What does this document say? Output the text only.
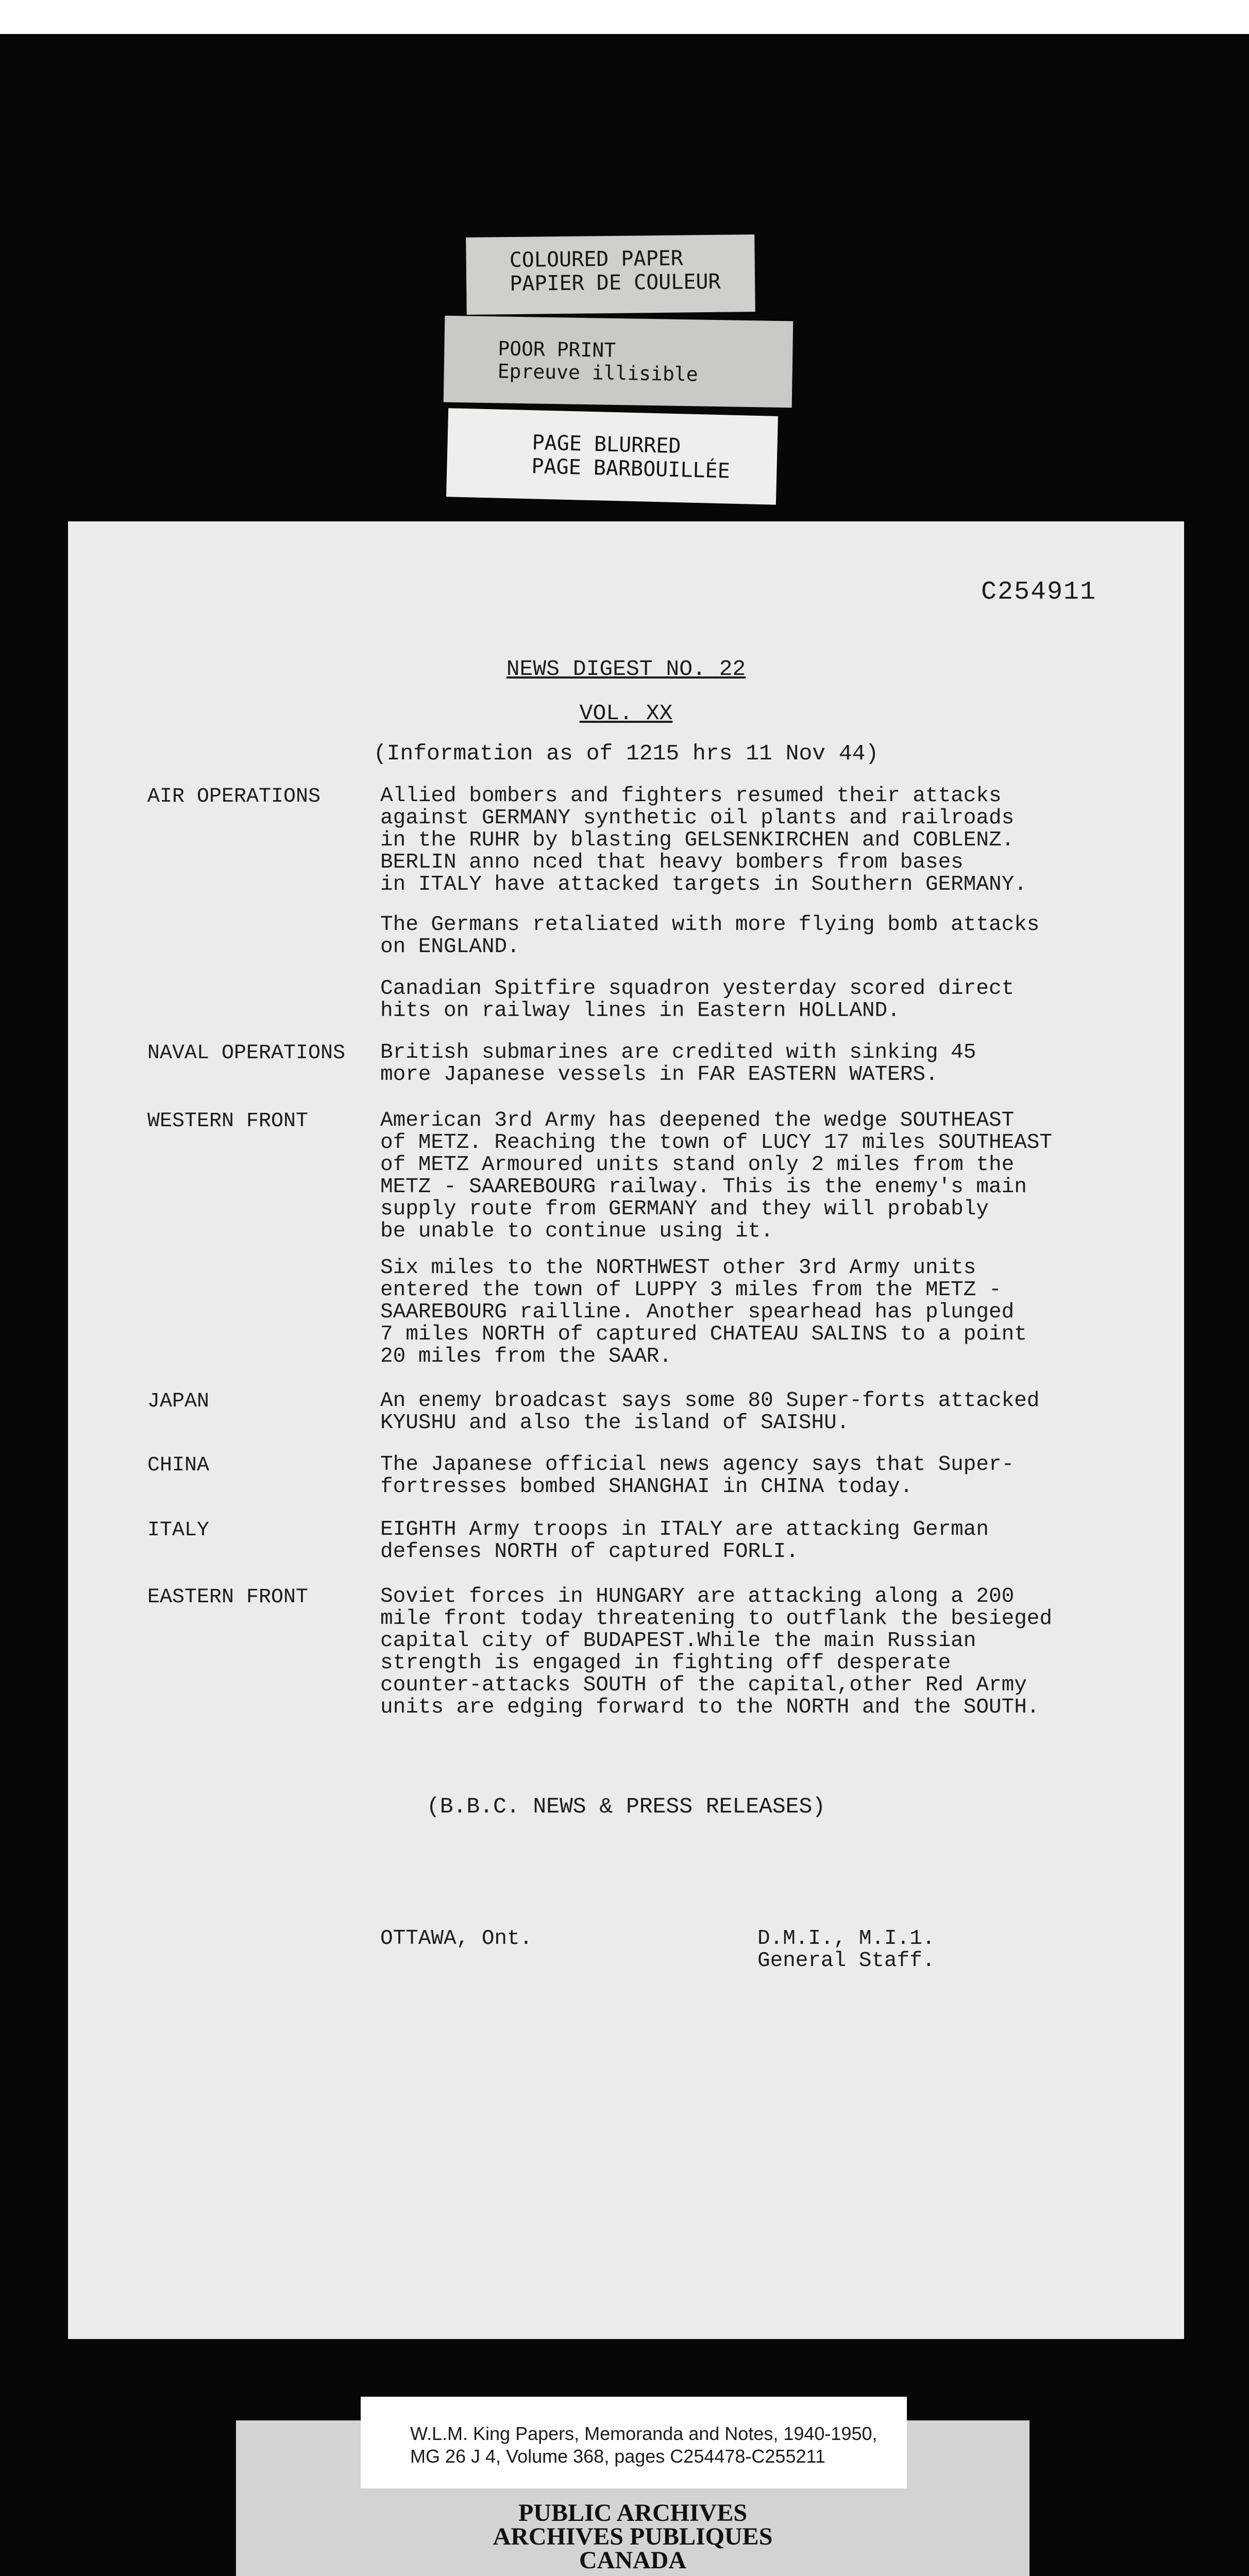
COLOURED PAPER
PAPIER DE COULEUR
POOR PRINT
Epreuve illisible
PAGE BLURRED
PAGE BARBOUILLÉE
C254911
NEWS DIGEST NO. 22
VOL. XX
(Information as of 1215 hrs 11 Nov 44)
AIR OPERATIONS	Allied bombers and fighters resumed their attacks
against GERMANY synthetic oil plants and railroads
in the RUHR by blasting GELSENKIRCHEN and COBLENZ.
BERLIN anno nced that heavy bombers from bases
in ITALY have attacked targets in Southern GERMANY.
The Germans retaliated with more flying bomb attacks
on ENGLAND.
Canadian Spitfire squadron yesterday scored direct
hits on railway lines in Eastern HOLLAND.
NAVAL OPERATIONS British submarines are credited with sinking 45
more Japanese vessels in FAR EASTERN WATERS.
WESTERN FRONT	American 3rd Army has deepened the wedge SOUTHEAST
of METZ. Reaching the town of LUCY 17 miles SOUTHEAST
of METZ Armoured units stand only 2 miles from the
METZ - SAAREBOURG railway. This is the enemy's main
supply route from GERMANY and they will probably
be unable to continue using it.
Six miles to the NORTHWEST other 3rd Army units
entered the town of LUPPY 3 miles from the METZ -
SAAREBOURG railline. Another spearhead has plunged
7 miles NORTH of captured CHATEAU SALINS to a point
20 miles from the SAAR.
JAPAN	An enemy broadcast says some 80 Super-forts attacked
KYUSHU and also the island of SAISHU.
CHINA	The Japanese official news agency says that Super-
fortresses bombed SHANGHAI in CHINA today.
ITALY	EIGHTH Army troops in ITALY are attacking German
defenses NORTH of captured FORLI.
EASTERN FRONT	Soviet forces in HUNGARY are attacking along a 200
mile front today threatening to outflank the besieged
capital city of BUDAPEST.While the main Russian
strength is engaged in fighting off desperate
counter-attacks SOUTH of the capital,other Red Army
units are edging forward to the NORTH and the SOUTH.
(B.B.C. NEWS & PRESS RELEASES)
OTTAWA, Ont.	D.M.I., M.I.1.
General Staff.
W.L.M. King Papers, Memoranda and Notes, 1940-1950,
MG 26 J 4, Volume 368, pages C254478-C255211
PUBLIC ARCHIVES
ARCHIVES PUBLIQUES
CANADA
